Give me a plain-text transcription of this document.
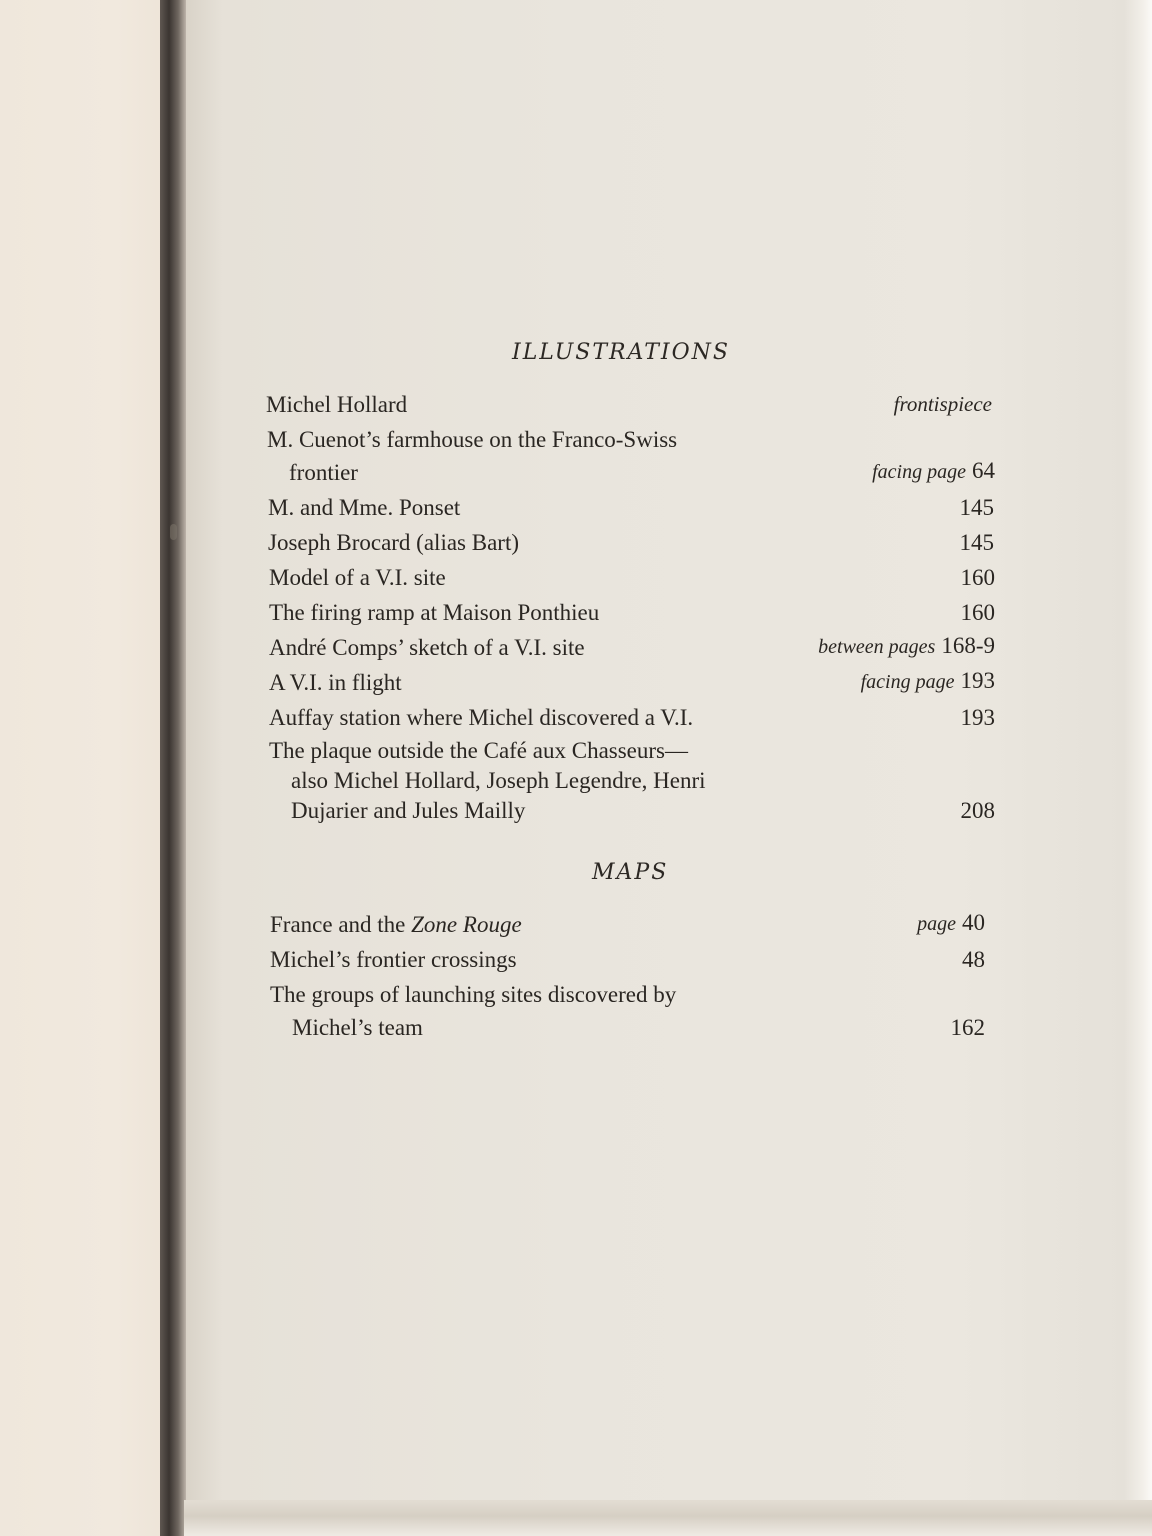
ILLUSTRATIONS
Michel Hollard	frontispiece
M. Cuenot’s farmhouse on the Franco-Swiss
frontier	facing page 64
M. and Mme. Ponset	145
Joseph Brocard (alias Bart)	145
Model of a V.I. site	160
The firing ramp at Maison Ponthieu	160
André Comps’ sketch of a V.I. site	between pages 168-9
A V.I. in flight	facing page 193
Auffay station where Michel discovered a V.I.	193
The plaque outside the Café aux Chasseurs—
also Michel Hollard, Joseph Legendre, Henri
Dujarier and Jules Mailly	208
MAPS
France and the Zone Rouge	page 40
Michel’s frontier crossings	48
The groups of launching sites discovered by
Michel’s team	162
